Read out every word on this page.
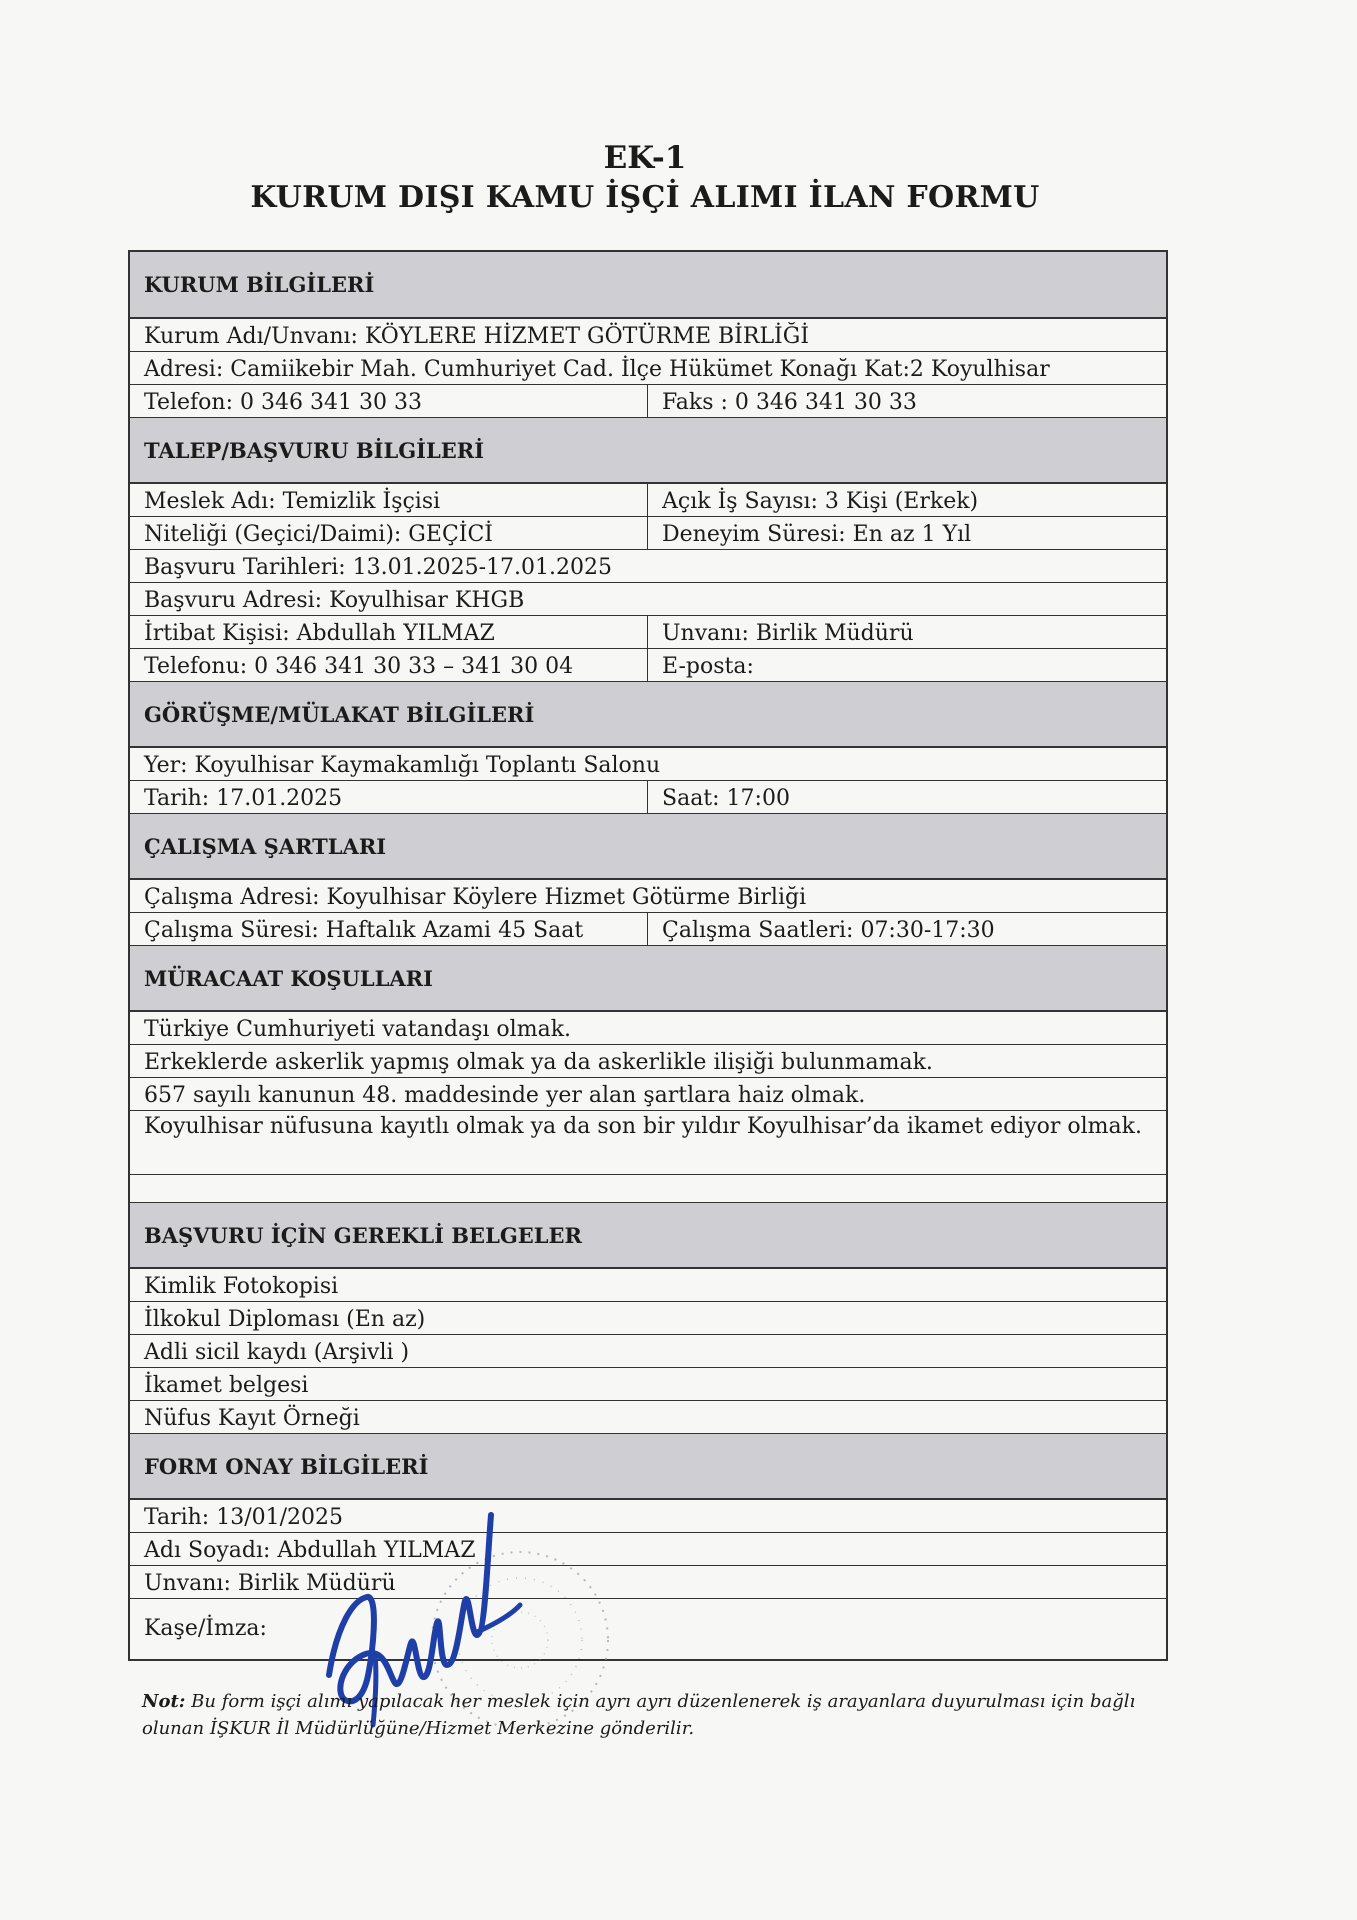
EK-1
KURUM DIŞI KAMU İŞÇİ ALIMI İLAN FORMU
KURUM BİLGİLERİ
Kurum Adı/Unvanı: KÖYLERE HİZMET GÖTÜRME BİRLİĞİ
Adresi: Camiikebir Mah. Cumhuriyet Cad. İlçe Hükümet Konağı Kat:2 Koyulhisar
Telefon: 0 346 341 30 33	Faks : 0 346 341 30 33
TALEP/BAŞVURU BİLGİLERİ
Meslek Adı: Temizlik İşçisi	Açık İş Sayısı: 3 Kişi (Erkek)
Niteliği (Geçici/Daimi): GEÇİCİ	Deneyim Süresi: En az 1 Yıl
Başvuru Tarihleri: 13.01.2025-17.01.2025
Başvuru Adresi: Koyulhisar KHGB
İrtibat Kişisi: Abdullah YILMAZ	Unvanı: Birlik Müdürü
Telefonu: 0 346 341 30 33 – 341 30 04	E-posta:
GÖRÜŞME/MÜLAKAT BİLGİLERİ
Yer: Koyulhisar Kaymakamlığı Toplantı Salonu
Tarih: 17.01.2025	Saat: 17:00
ÇALIŞMA ŞARTLARI
Çalışma Adresi: Koyulhisar Köylere Hizmet Götürme Birliği
Çalışma Süresi: Haftalık Azami 45 Saat	Çalışma Saatleri: 07:30-17:30
MÜRACAAT KOŞULLARI
Türkiye Cumhuriyeti vatandaşı olmak.
Erkeklerde askerlik yapmış olmak ya da askerlikle ilişiği bulunmamak.
657 sayılı kanunun 48. maddesinde yer alan şartlara haiz olmak.
Koyulhisar nüfusuna kayıtlı olmak ya da son bir yıldır Koyulhisar’da ikamet ediyor olmak.
BAŞVURU İÇİN GEREKLİ BELGELER
Kimlik Fotokopisi
İlkokul Diploması (En az)
Adli sicil kaydı (Arşivli )
İkamet belgesi
Nüfus Kayıt Örneği
FORM ONAY BİLGİLERİ
Tarih: 13/01/2025
Adı Soyadı: Abdullah YILMAZ
Unvanı: Birlik Müdürü
Kaşe/İmza:
Not: Bu form işçi alımı yapılacak her meslek için ayrı ayrı düzenlenerek iş arayanlara duyurulması için bağlı olunan İŞKUR İl Müdürlüğüne/Hizmet Merkezine gönderilir.
